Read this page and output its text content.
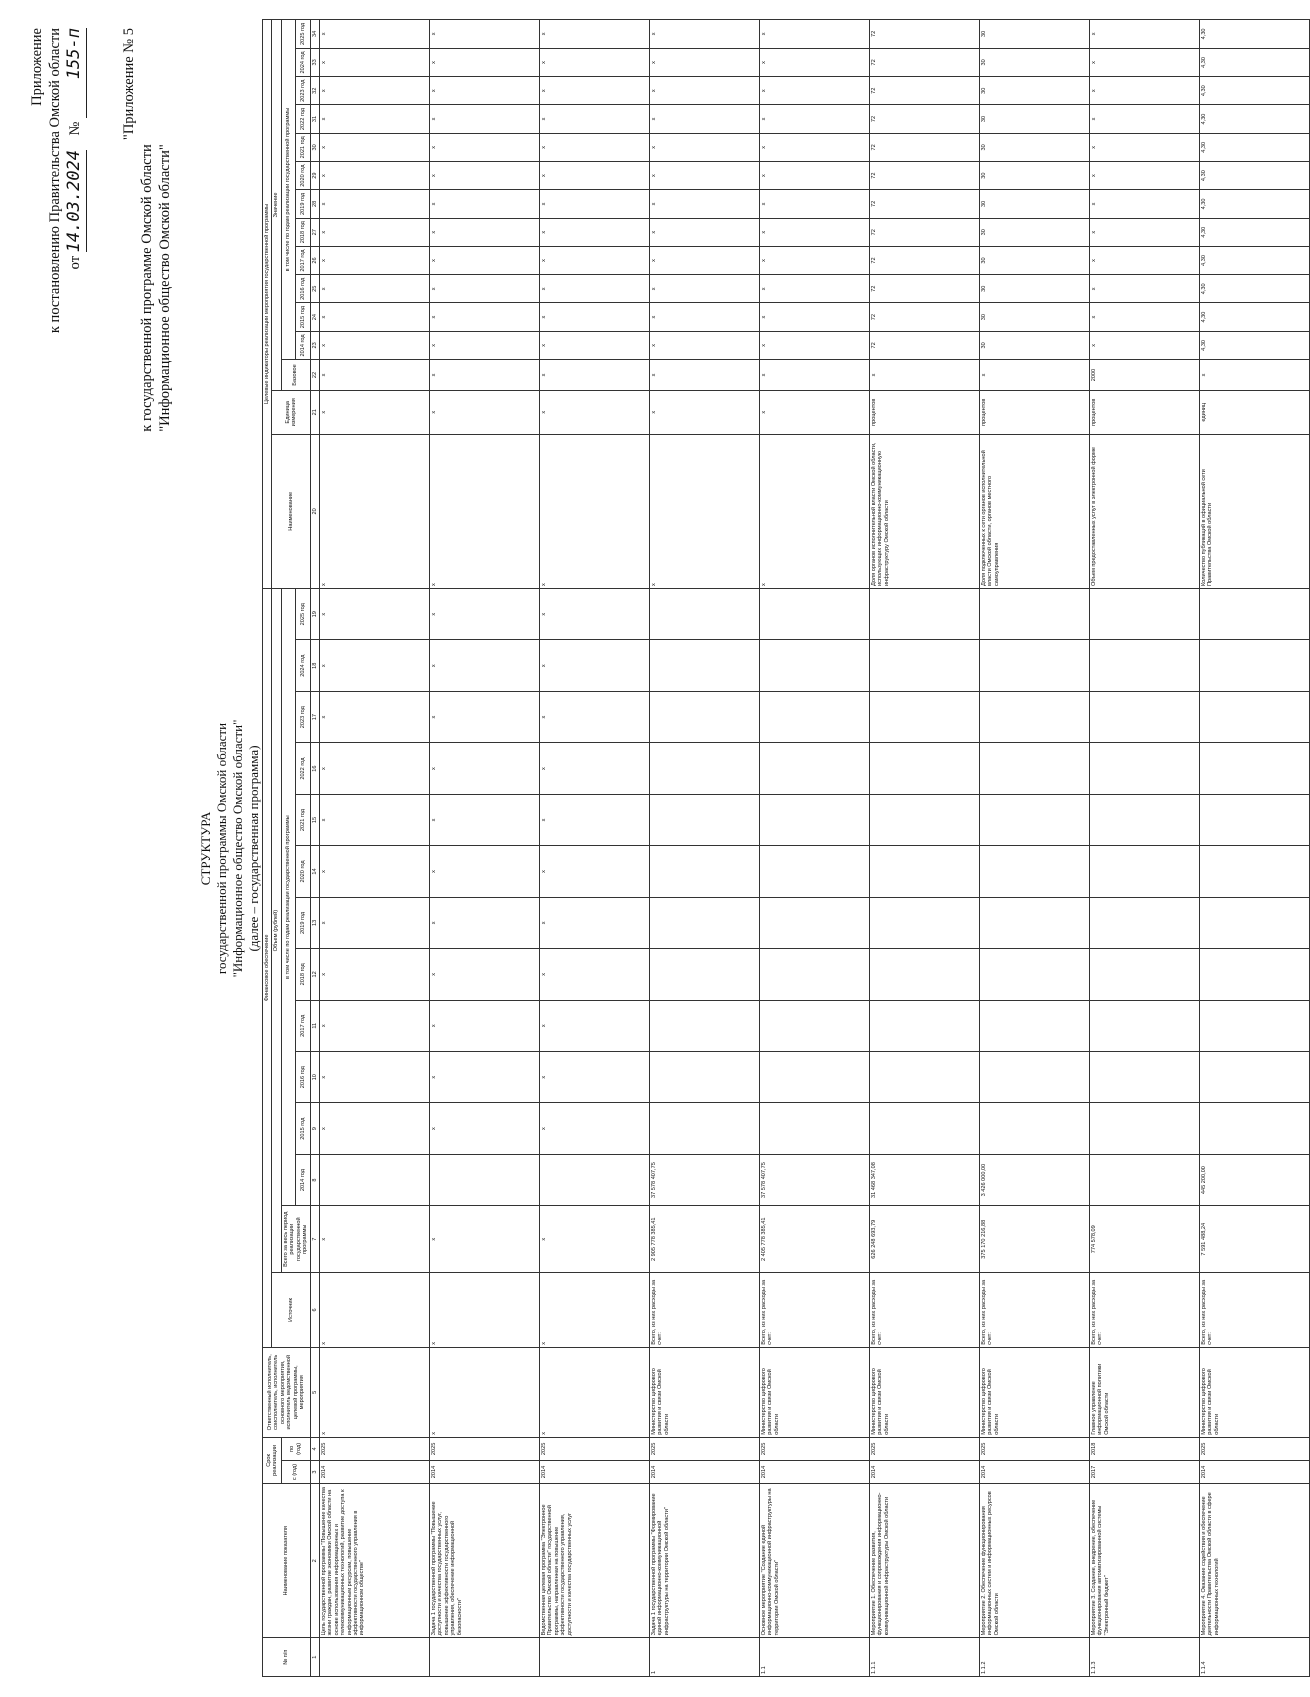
Приложение к постановлению Правительства Омской области от 14.03.2024    № 155-п	"Приложение № 5
к государственной программе Омской области "Информационное общество Омской области"
СТРУКТУРА государственной программы Омской области "Информационное общество Омской области" (далее – государственная программа)
№ п/п	Наименование показателя	Срок реализации		Ответственный исполнитель, соисполнитель, исполнитель основного мероприятия, исполнитель ведомственной целевой программы, мероприятия	Финансовое обеспечение														Целевые индикаторы реализации мероприятия государственной программы														
					Источник	Объем (рублей)													Наименование	Единица измерения	Значение												
		с (год)	по (год)			Всего за весь период реализации государственной программы	в том числе по годам реализации государственной программы														Базовое	в том числе по годам реализации государственной программы											
							2014 год	2015 год	2016 год	2017 год	2018 год	2019 год	2020 год	2021 год	2022 год	2023 год	2024 год	2025 год				2014 год	2015 год	2016 год	2017 год	2018 год	2019 год	2020 год	2021 год	2022 год	2023 год	2024 год	2025 год
1	2	3	4	5	6	7	8	9	10	11	12	13	14	15	16	17	18	19	20	21	22	23	24	25	26	27	28	29	30	31	32	33	34
	Цель государственной программы "Повышение качества жизни граждан, развитие экономики Омской области на основе использования информационных и телекоммуникационных технологий, развитие доступа к информационным ресурсам, повышение эффективности государственного управления в информационном обществе"	2014	2025	х	х	х		х	х	х	х	х	х	х	х	х	х	х	х	х	х	х	х	х	х	х	х	х	х	х	х	х	х
	Задача 1 государственной программы "Повышение доступности и качества государственных услуг, повышение эффективности государственного управления, обеспечение информационной безопасности"	2014	2025	х	х	х		х	х	х	х	х	х	х	х	х	х	х	х	х	х	х	х	х	х	х	х	х	х	х	х	х	х
	Ведомственная целевая программа "Электронное Правительство Омской области" государственной программы, направленная на повышение эффективности государственного управления, доступности и качества государственных услуг	2014	2025	х	х	х		х	х	х	х	х	х	х	х	х	х	х	х	х	х	х	х	х	х	х	х	х	х	х	х	х	х
1	Задача 1 государственной программы "Формирование единой информационно-коммуникационной инфраструктуры на территории Омской области"	2014	2025	Министерство цифрового развития и связи Омской области	Всего, из них расходы за счет:	2 905 778 385,41	37 578 407,75												х	х	х	х	х	х	х	х	х	х	х	х	х	х	х
1.1	Основное мероприятие "Создание единой информационно-коммуникационной инфраструктуры на территории Омской области"	2014	2025	Министерство цифрового развития и связи Омской области	Всего, из них расходы за счет:	2 405 778 385,41	37 578 407,75												х	х	х	х	х	х	х	х	х	х	х	х	х	х	х
1.1.1	Мероприятие 1. Обеспечение развития, функционирования и сопровождения информационно-коммуникационной инфраструктуры Омской области	2014	2025	Министерство цифрового развития и связи Омской области	Всего, из них расходы за счет:	626 248 693,79	31 468 347,08												Доля органов исполнительной власти Омской области, использующих информационно-коммуникационную инфраструктуру Омской области	процентов	х	72	72	72	72	72	72	72	72	72	72	72	72
1.1.2	Мероприятие 2. Обеспечение функционирования информационных систем и информационных ресурсов Омской области	2014	2025	Министерство цифрового развития и связи Омской области	Всего, из них расходы за счет:	375 170 216,88	3 426 000,00												Доля подключенных к сети органов исполнительной власти Омской области, органов местного самоуправления	процентов	х	30	30	30	30	30	30	30	30	30	30	30	30
1.1.3	Мероприятие 3. Создание, внедрение, обеспечение функционирования автоматизированной системы "Электронный бюджет"	2017	2018	Главное управление информационной политики Омской области	Всего, из них расходы за счет:	774 578,09													Объем предоставленных услуг в электронной форме	процентов	2000	х	х	х	х	х	х	х	х	х	х	х	х
1.1.4	Мероприятие 4. Оказание содействия и обеспечение деятельности Правительства Омской области в сфере информационных технологий	2014	2025	Министерство цифрового развития и связи Омской области	Всего, из них расходы за счет:	7 591 488,24	445 200,00												Количество публикаций в официальной сети Правительства Омской области	единиц	х	4,30	4,30	4,30	4,30	4,30	4,30	4,30	4,30	4,30	4,30	4,30	4,30
